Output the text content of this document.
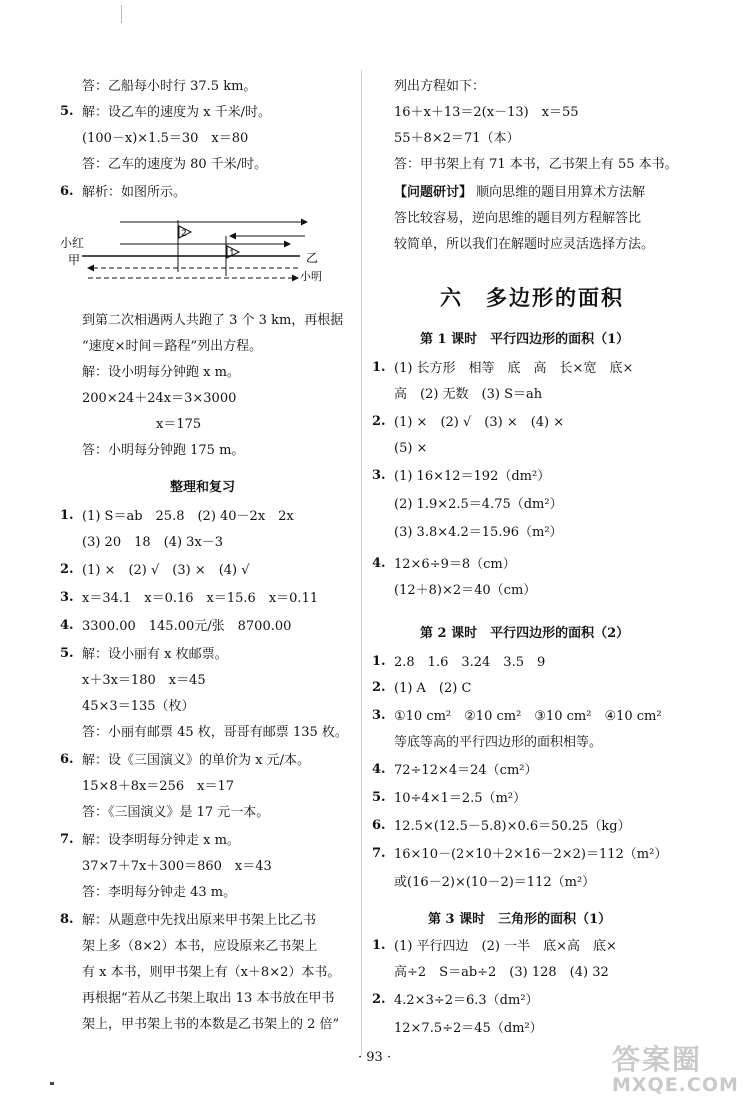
答：乙船每小时行 37.5 km。
5. 解：设乙车的速度为 x 千米/时。
(100－x)×1.5＝30　x＝80
答：乙车的速度为 80 千米/时。
6. 解析：如图所示。
2
1
小红
甲	乙
小明
到第二次相遇两人共跑了 3 个 3 km，再根据
“速度×时间＝路程”列出方程。
解：设小明每分钟跑 x m。
200×24＋24x＝3×3000
x＝175
答：小明每分钟跑 175 m。
整理和复习
1. (1) S＝ab　25.8　(2) 40－2x　2x
(3) 20　18　(4) 3x－3
2. (1) ×　(2) √　(3) ×　(4) √
3. x＝34.1　x＝0.16　x＝15.6　x＝0.11
4. 3300.00　145.00元/张　8700.00
5. 解：设小丽有 x 枚邮票。
x＋3x＝180　x＝45
45×3＝135（枚）
答：小丽有邮票 45 枚，哥哥有邮票 135 枚。
6. 解：设《三国演义》的单价为 x 元/本。
15×8＋8x＝256　x＝17
答：《三国演义》是 17 元一本。
7. 解：设李明每分钟走 x m。
37×7＋7x＋300＝860　x＝43
答：李明每分钟走 43 m。
8. 解：从题意中先找出原来甲书架上比乙书
架上多（8×2）本书，应设原来乙书架上
有 x 本书，则甲书架上有（x＋8×2）本书。
再根据“若从乙书架上取出 13 本书放在甲书
架上，甲书架上书的本数是乙书架上的 2 倍”
列出方程如下：
16＋x＋13＝2(x－13)　x＝55
55＋8×2＝71（本）
答：甲书架上有 71 本书，乙书架上有 55 本书。
【问题研讨】 顺向思维的题目用算术方法解
答比较容易，逆向思维的题目列方程解答比
较简单，所以我们在解题时应灵活选择方法。
六　多边形的面积
第 1 课时　平行四边形的面积（1）
1. (1) 长方形　相等　底　高　长×宽　底×
高　(2) 无数　(3) S＝ah
2. (1) ×　(2) √　(3) ×　(4) ×
(5) ×
3. (1) 16×12＝192（dm²）
(2) 1.9×2.5＝4.75（dm²）
(3) 3.8×4.2＝15.96（m²）
4. 12×6÷9＝8（cm）
(12＋8)×2＝40（cm）
第 2 课时　平行四边形的面积（2）
1. 2.8　1.6　3.24　3.5　9
2. (1) A　(2) C
3. ①10 cm²　②10 cm²　③10 cm²　④10 cm²
等底等高的平行四边形的面积相等。
4. 72÷12×4＝24（cm²）
5. 10÷4×1＝2.5（m²）
6. 12.5×(12.5－5.8)×0.6＝50.25（kg）
7. 16×10－(2×10＋2×16－2×2)＝112（m²）
或(16－2)×(10－2)＝112（m²）
第 3 课时　三角形的面积（1）
1. (1) 平行四边　(2) 一半　底×高　底×
高÷2　S＝ab÷2　(3) 128　(4) 32
2. 4.2×3÷2＝6.3（dm²）
12×7.5÷2＝45（dm²）
· 93 ·	答案圈
MXQE.COM
